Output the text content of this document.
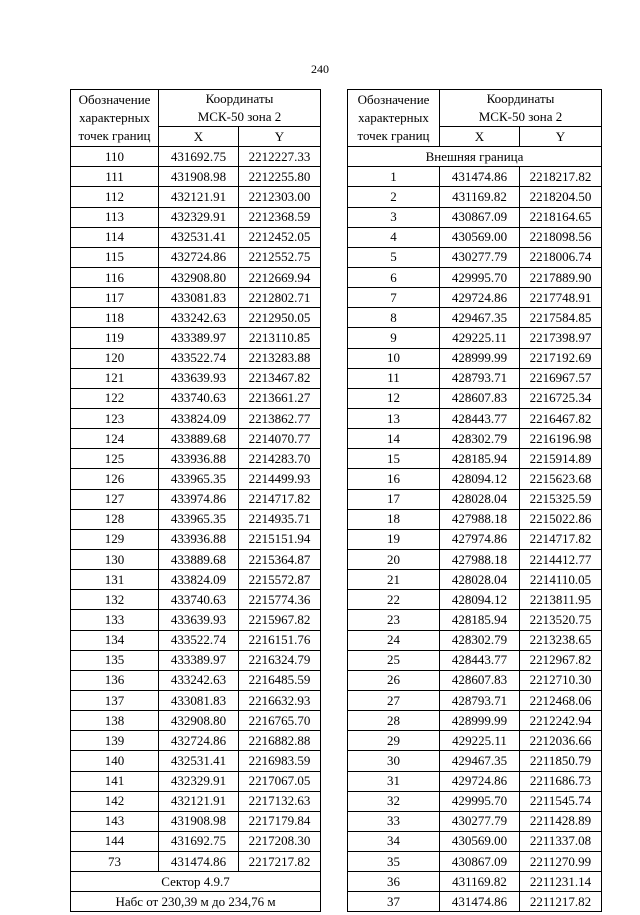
240
Обозначение
характерных
точек границ	Координаты
МСК-50 зона 2	

	X	Y
110	431692.75	2212227.33
111	431908.98	2212255.80
112	432121.91	2212303.00
113	432329.91	2212368.59
114	432531.41	2212452.05
115	432724.86	2212552.75
116	432908.80	2212669.94
117	433081.83	2212802.71
118	433242.63	2212950.05
119	433389.97	2213110.85
120	433522.74	2213283.88
121	433639.93	2213467.82
122	433740.63	2213661.27
123	433824.09	2213862.77
124	433889.68	2214070.77
125	433936.88	2214283.70
126	433965.35	2214499.93
127	433974.86	2214717.82
128	433965.35	2214935.71
129	433936.88	2215151.94
130	433889.68	2215364.87
131	433824.09	2215572.87
132	433740.63	2215774.36
133	433639.93	2215967.82
134	433522.74	2216151.76
135	433389.97	2216324.79
136	433242.63	2216485.59
137	433081.83	2216632.93
138	432908.80	2216765.70
139	432724.86	2216882.88
140	432531.41	2216983.59
141	432329.91	2217067.05
142	432121.91	2217132.63
143	431908.98	2217179.84
144	431692.75	2217208.30
73	431474.86	2217217.82
Сектор 4.9.7		
Набс от 230,39 м до 234,76 м		
Обозначение
характерных
точек границ	Координаты
МСК-50 зона 2	

	X	Y
Внешняя граница		
1	431474.86	2218217.82
2	431169.82	2218204.50
3	430867.09	2218164.65
4	430569.00	2218098.56
5	430277.79	2218006.74
6	429995.70	2217889.90
7	429724.86	2217748.91
8	429467.35	2217584.85
9	429225.11	2217398.97
10	428999.99	2217192.69
11	428793.71	2216967.57
12	428607.83	2216725.34
13	428443.77	2216467.82
14	428302.79	2216196.98
15	428185.94	2215914.89
16	428094.12	2215623.68
17	428028.04	2215325.59
18	427988.18	2215022.86
19	427974.86	2214717.82
20	427988.18	2214412.77
21	428028.04	2214110.05
22	428094.12	2213811.95
23	428185.94	2213520.75
24	428302.79	2213238.65
25	428443.77	2212967.82
26	428607.83	2212710.30
27	428793.71	2212468.06
28	428999.99	2212242.94
29	429225.11	2212036.66
30	429467.35	2211850.79
31	429724.86	2211686.73
32	429995.70	2211545.74
33	430277.79	2211428.89
34	430569.00	2211337.08
35	430867.09	2211270.99
36	431169.82	2211231.14
37	431474.86	2211217.82
